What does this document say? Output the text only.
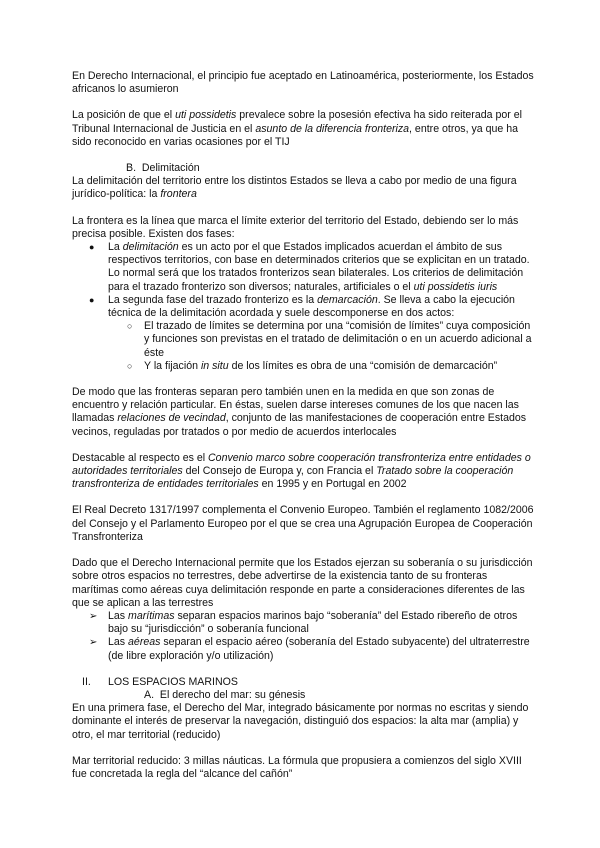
En Derecho Internacional, el principio fue aceptado en Latinoamérica, posteriormente, los Estados africanos lo asumieron

La posición de que el uti possidetis prevalece sobre la posesión efectiva ha sido reiterada por el Tribunal Internacional de Justicia en el asunto de la diferencia fronteriza, entre otros, ya que ha sido reconocido en varias ocasiones por el TIJ

B. Delimitación

La delimitación del territorio entre los distintos Estados se lleva a cabo por medio de una figura jurídico-política: la frontera

La frontera es la línea que marca el límite exterior del territorio del Estado, debiendo ser lo más precisa posible. Existen dos fases:

● La delimitación es un acto por el que Estados implicados acuerdan el ámbito de sus respectivos territorios, con base en determinados criterios que se explicitan en un tratado. Lo normal será que los tratados fronterizos sean bilaterales. Los criterios de delimitación para el trazado fronterizo son diversos; naturales, artificiales o el uti possidetis iuris
● La segunda fase del trazado fronterizo es la demarcación. Se lleva a cabo la ejecución técnica de la delimitación acordada y suele descomponerse en dos actos:
○ El trazado de límites se determina por una “comisión de límites” cuya composición y funciones son previstas en el tratado de delimitación o en un acuerdo adicional a éste
○ Y la fijación in situ de los límites es obra de una “comisión de demarcación”

De modo que las fronteras separan pero también unen en la medida en que son zonas de encuentro y relación particular. En éstas, suelen darse intereses comunes de los que nacen las llamadas relaciones de vecindad, conjunto de las manifestaciones de cooperación entre Estados vecinos, reguladas por tratados o por medio de acuerdos interlocales

Destacable al respecto es el Convenio marco sobre cooperación transfronteriza entre entidades o autoridades territoriales del Consejo de Europa y, con Francia el Tratado sobre la cooperación transfronteriza de entidades territoriales en 1995 y en Portugal en 2002

El Real Decreto 1317/1997 complementa el Convenio Europeo. También el reglamento 1082/2006 del Consejo y el Parlamento Europeo por el que se crea una Agrupación Europea de Cooperación Transfronteriza

Dado que el Derecho Internacional permite que los Estados ejerzan su soberanía o su jurisdicción sobre otros espacios no terrestres, debe advertirse de la existencia tanto de su fronteras marítimas como aéreas cuya delimitación responde en parte a consideraciones diferentes de las que se aplican a las terrestres

➢ Las marítimas separan espacios marinos bajo “soberanía” del Estado ribereño de otros bajo su “jurisdicción” o soberanía funcional
➢ Las aéreas separan el espacio aéreo (soberanía del Estado subyacente) del ultraterrestre (de libre exploración y/o utilización)
II. LOS ESPACIOS MARINOS
A. El derecho del mar: su génesis

En una primera fase, el Derecho del Mar, integrado básicamente por normas no escritas y siendo dominante el interés de preservar la navegación, distinguió dos espacios: la alta mar (amplia) y otro, el mar territorial (reducido)

Mar territorial reducido: 3 millas náuticas. La fórmula que propusiera a comienzos del siglo XVIII fue concretada la regla del “alcance del cañón”
